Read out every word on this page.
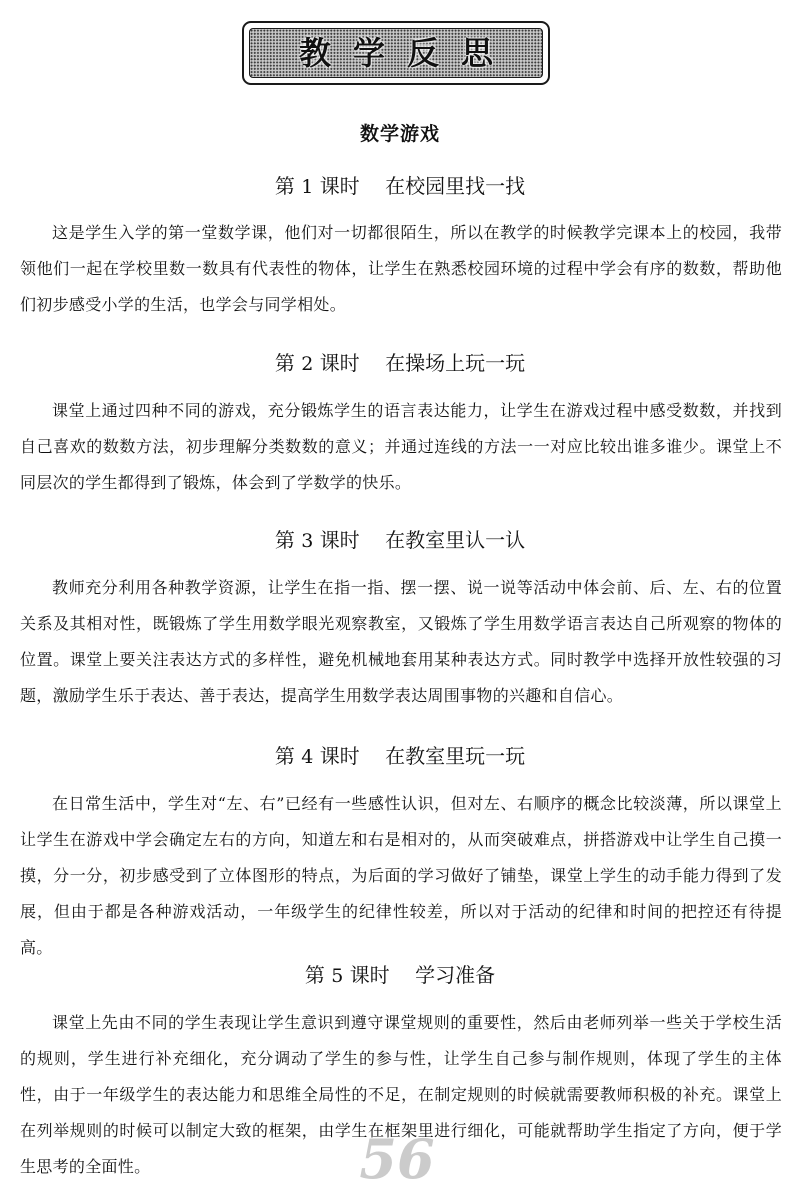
教学反思
数学游戏
第 1 课时 在校园里找一找

这是学生入学的第一堂数学课，他们对一切都很陌生，所以在教学的时候教学完课本上的校园，我带领他们一起在学校里数一数具有代表性的物体，让学生在熟悉校园环境的过程中学会有序的数数，帮助他们初步感受小学的生活，也学会与同学相处。

第 2 课时 在操场上玩一玩

课堂上通过四种不同的游戏，充分锻炼学生的语言表达能力，让学生在游戏过程中感受数数，并找到自己喜欢的数数方法，初步理解分类数数的意义；并通过连线的方法一一对应比较出谁多谁少。课堂上不同层次的学生都得到了锻炼，体会到了学数学的快乐。

第 3 课时 在教室里认一认

教师充分利用各种教学资源，让学生在指一指、摆一摆、说一说等活动中体会前、后、左、右的位置关系及其相对性，既锻炼了学生用数学眼光观察教室，又锻炼了学生用数学语言表达自己所观察的物体的位置。课堂上要关注表达方式的多样性，避免机械地套用某种表达方式。同时教学中选择开放性较强的习题，激励学生乐于表达、善于表达，提高学生用数学表达周围事物的兴趣和自信心。

第 4 课时 在教室里玩一玩

在日常生活中，学生对“左、右”已经有一些感性认识，但对左、右顺序的概念比较淡薄，所以课堂上让学生在游戏中学会确定左右的方向，知道左和右是相对的，从而突破难点，拼搭游戏中让学生自己摸一摸，分一分，初步感受到了立体图形的特点，为后面的学习做好了铺垫，课堂上学生的动手能力得到了发展，但由于都是各种游戏活动，一年级学生的纪律性较差，所以对于活动的纪律和时间的把控还有待提高。

第 5 课时 学习准备

课堂上先由不同的学生表现让学生意识到遵守课堂规则的重要性，然后由老师列举一些关于学校生活的规则，学生进行补充细化，充分调动了学生的参与性，让学生自己参与制作规则，体现了学生的主体性，由于一年级学生的表达能力和思维全局性的不足，在制定规则的时候就需要教师积极的补充。课堂上在列举规则的时候可以制定大致的框架，由学生在框架里进行细化，可能就帮助学生指定了方向，便于学生思考的全面性。	56
